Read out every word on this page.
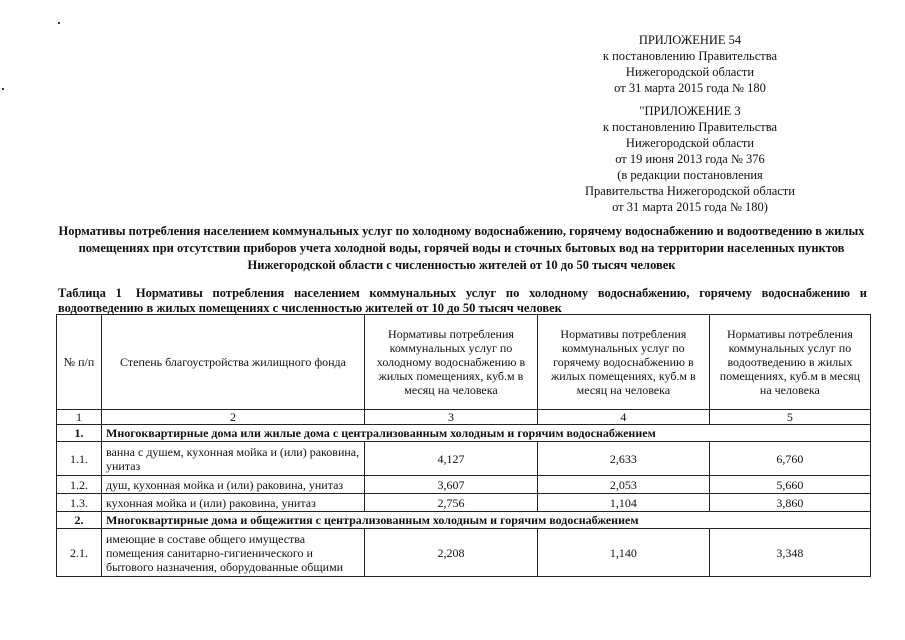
ПРИЛОЖЕНИЕ 54
к постановлению Правительства
Нижегородской области
от 31 марта 2015 года № 180
"ПРИЛОЖЕНИЕ 3
к постановлению Правительства
Нижегородской области
от 19 июня 2013 года № 376
(в редакции постановления
Правительства Нижегородской области
от 31 марта 2015 года № 180)
Нормативы потребления населением коммунальных услуг по холодному водоснабжению, горячему водоснабжению и водоотведению в жилых помещениях при отсутствии приборов учета холодной воды, горячей воды и сточных бытовых вод на территории населенных пунктов Нижегородской области с численностью жителей от 10 до 50 тысяч человек
Таблица 1 Нормативы потребления населением коммунальных услуг по холодному водоснабжению, горячему водоснабжению и водоотведению в жилых помещениях с численностью жителей от 10 до 50 тысяч человек
№ п/п	Степень благоустройства жилищного фонда	Нормативы потребления коммунальных услуг по холодному водоснабжению в жилых помещениях, куб.м в месяц на человека	Нормативы потребления коммунальных услуг по горячему водоснабжению в жилых помещениях, куб.м в месяц на человека	Нормативы потребления коммунальных услуг по водоотведению в жилых помещениях, куб.м в месяц на человека
1	2	3	4	5
1.	Многоквартирные дома или жилые дома с централизованным холодным и горячим водоснабжением			
1.1.	ванна с душем, кухонная мойка и (или) раковина, унитаз	4,127	2,633	6,760
1.2.	душ, кухонная мойка и (или) раковина, унитаз	3,607	2,053	5,660
1.3.	кухонная мойка и (или) раковина, унитаз	2,756	1,104	3,860
2.	Многоквартирные дома и общежития с централизованным холодным и горячим водоснабжением			
2.1.	имеющие в составе общего имущества помещения санитарно-гигиенического и бытового назначения, оборудованные общими	2,208	1,140	3,348
